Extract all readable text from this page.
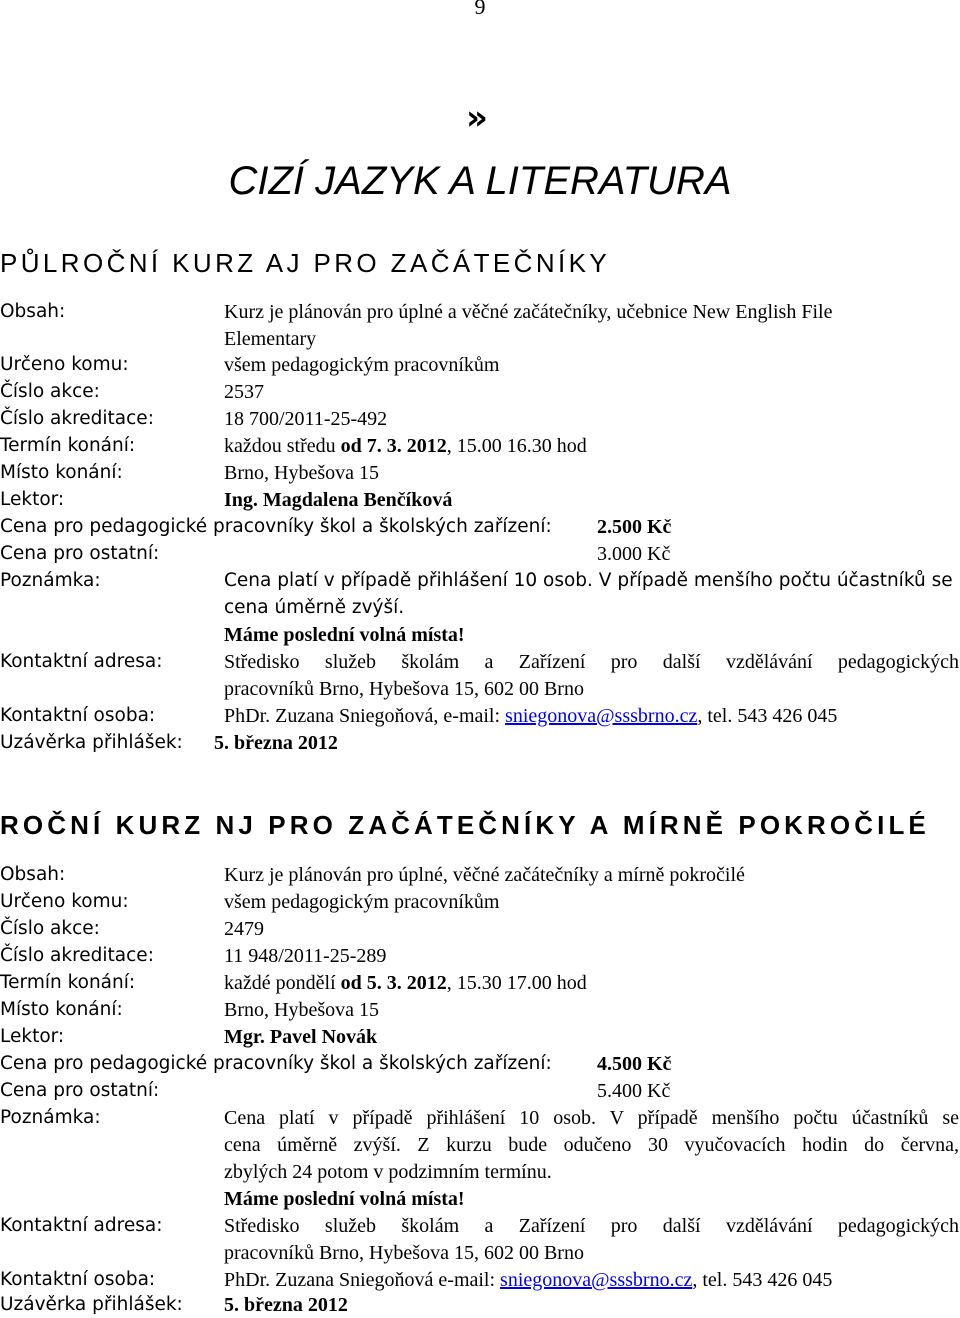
9
»
CIZÍ JAZYK A LITERATURA
PŮLROČNÍ KURZ AJ PRO ZAČÁTEČNÍKY
Obsah:	Kurz je plánován pro úplné a věčné začátečníky, učebnice New English File
Elementary
Určeno komu:	všem pedagogickým pracovníkům
Číslo akce:	2537
Číslo akreditace:	18 700/2011-25-492
Termín konání:	každou středu od 7. 3. 2012, 15.00 16.30 hod
Místo konání:	Brno, Hybešova 15
Lektor:	Ing. Magdalena Benčíková
Cena pro pedagogické pracovníky škol a školských zařízení: 2.500 Kč
Cena pro ostatní:	3.000 Kč
Poznámka:	Cena platí v případě přihlášení 10 osob. V případě menšího počtu účastníků se
cena úměrně zvýší.
Máme poslední volná místa!
Kontaktní adresa:	Středisko služeb školám a Zařízení pro další vzdělávání pedagogických
pracovníků Brno, Hybešova 15, 602 00 Brno
Kontaktní osoba:	PhDr. Zuzana Sniegoňová, e-mail: sniegonova@sssbrno.cz, tel. 543 426 045
Uzávěrka přihlášek: 5. března 2012
ROČNÍ KURZ NJ PRO ZAČÁTEČNÍKY A MÍRNĚ POKROČILÉ
Obsah:	Kurz je plánován pro úplné, věčné začátečníky a mírně pokročilé
Určeno komu:	všem pedagogickým pracovníkům
Číslo akce:	2479
Číslo akreditace:	11 948/2011-25-289
Termín konání:	každé pondělí od 5. 3. 2012, 15.30 17.00 hod
Místo konání:	Brno, Hybešova 15
Lektor:	Mgr. Pavel Novák
Cena pro pedagogické pracovníky škol a školských zařízení: 4.500 Kč
Cena pro ostatní:	5.400 Kč
Poznámka:	Cena platí v případě přihlášení 10 osob. V případě menšího počtu účastníků se
cena úměrně zvýší. Z kurzu bude odučeno 30 vyučovacích hodin do června,
zbylých 24 potom v podzimním termínu.
Máme poslední volná místa!
Kontaktní adresa:	Středisko služeb školám a Zařízení pro další vzdělávání pedagogických
pracovníků Brno, Hybešova 15, 602 00 Brno
Kontaktní osoba:	PhDr. Zuzana Sniegoňová e-mail: sniegonova@sssbrno.cz, tel. 543 426 045
Uzávěrka přihlášek: 5. března 2012
